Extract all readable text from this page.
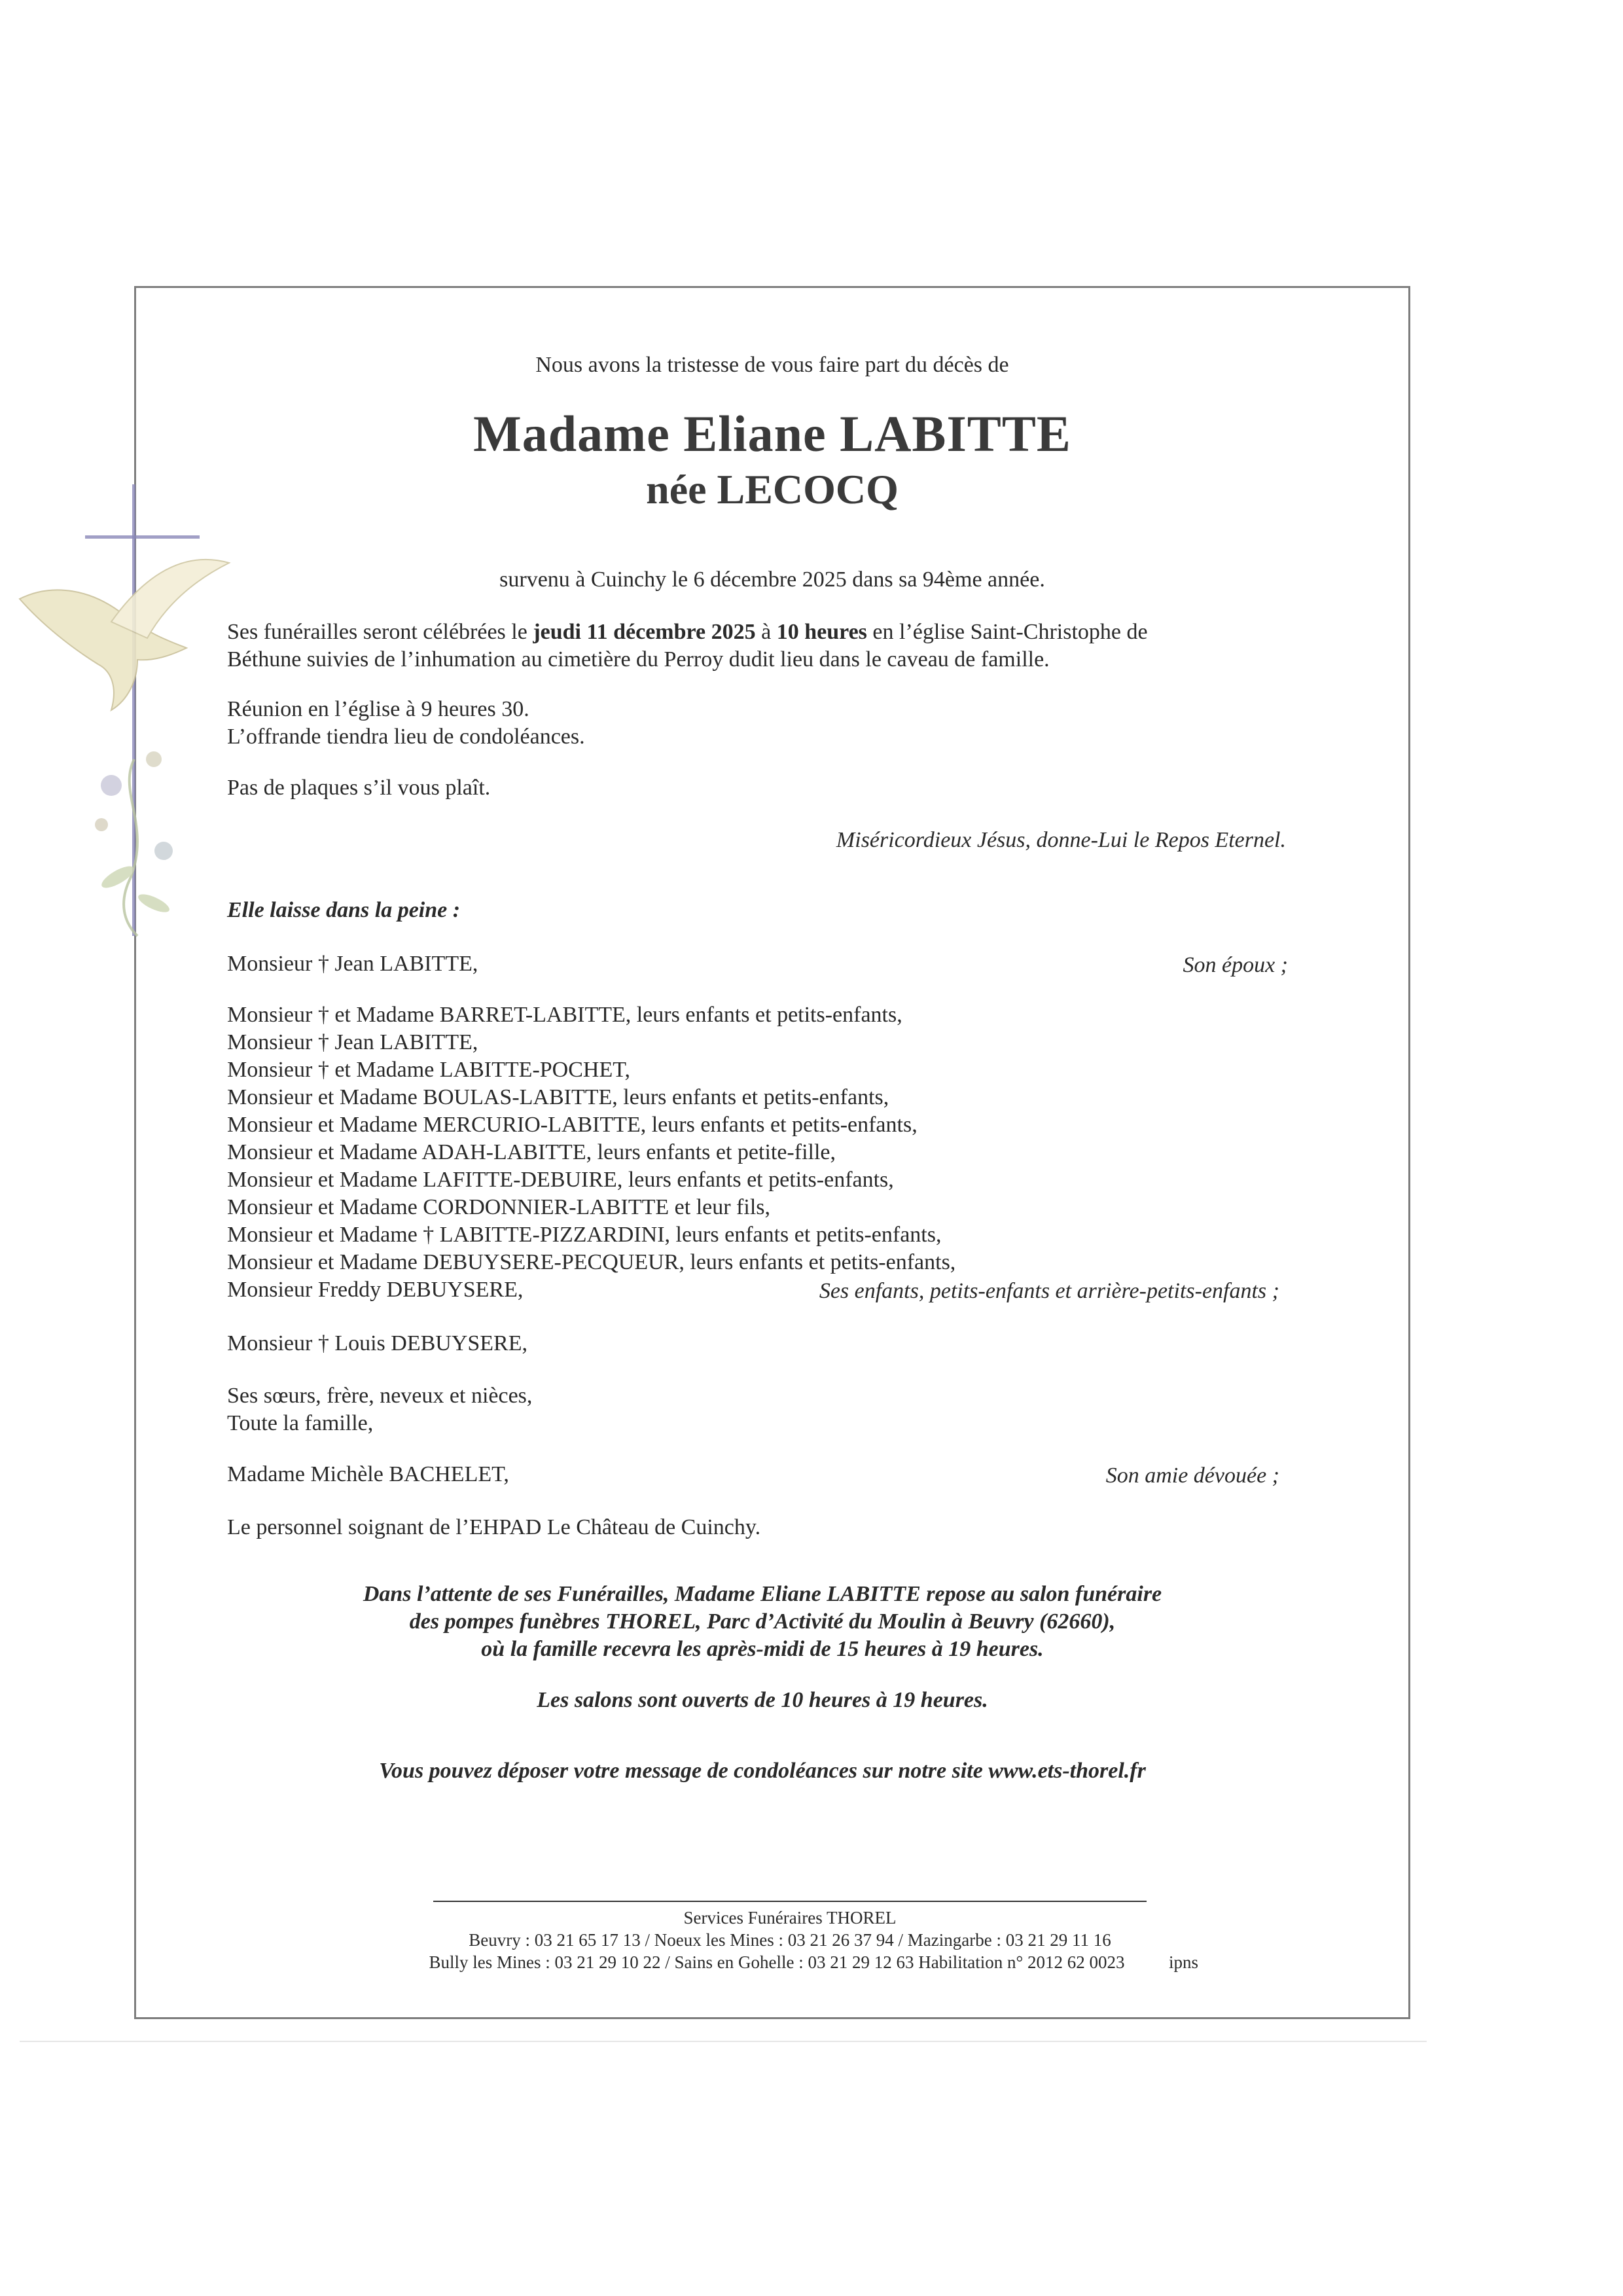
Nous avons la tristesse de vous faire part du décès de
Madame Eliane LABITTE
née LECOCQ
survenu à Cuinchy le 6 décembre 2025 dans sa 94ème année.
Ses funérailles seront célébrées le jeudi 11 décembre 2025 à 10 heures en l’église Saint-Christophe de
Béthune suivies de l’inhumation au cimetière du Perroy dudit lieu dans le caveau de famille.
Réunion en l’église à 9 heures 30.
L’offrande tiendra lieu de condoléances.
Pas de plaques s’il vous plaît.
Miséricordieux Jésus, donne-Lui le Repos Eternel.
Elle laisse dans la peine :
Monsieur † Jean LABITTE,	Son époux ;
Monsieur † et Madame BARRET-LABITTE, leurs enfants et petits-enfants,
Monsieur † Jean LABITTE,
Monsieur † et Madame LABITTE-POCHET,
Monsieur et Madame BOULAS-LABITTE, leurs enfants et petits-enfants,
Monsieur et Madame MERCURIO-LABITTE, leurs enfants et petits-enfants,
Monsieur et Madame ADAH-LABITTE, leurs enfants et petite-fille,
Monsieur et Madame LAFITTE-DEBUIRE, leurs enfants et petits-enfants,
Monsieur et Madame CORDONNIER-LABITTE et leur fils,
Monsieur et Madame † LABITTE-PIZZARDINI, leurs enfants et petits-enfants,
Monsieur et Madame DEBUYSERE-PECQUEUR, leurs enfants et petits-enfants,
Monsieur Freddy DEBUYSERE,	Ses enfants, petits-enfants et arrière-petits-enfants ;
Monsieur † Louis DEBUYSERE,
Ses sœurs, frère, neveux et nièces,
Toute la famille,
Madame Michèle BACHELET,	Son amie dévouée ;
Le personnel soignant de l’EHPAD Le Château de Cuinchy.
Dans l’attente de ses Funérailles, Madame Eliane LABITTE repose au salon funéraire
des pompes funèbres THOREL, Parc d’Activité du Moulin à Beuvry (62660),
où la famille recevra les après-midi de 15 heures à 19 heures.
Les salons sont ouverts de 10 heures à 19 heures.
Vous pouvez déposer votre message de condoléances sur notre site www.ets-thorel.fr
Services Funéraires THOREL
Beuvry : 03 21 65 17 13 / Noeux les Mines : 03 21 26 37 94 / Mazingarbe : 03 21 29 11 16
Bully les Mines : 03 21 29 10 22 / Sains en Gohelle : 03 21 29 12 63 Habilitation n° 2012 62 0023	ipns
